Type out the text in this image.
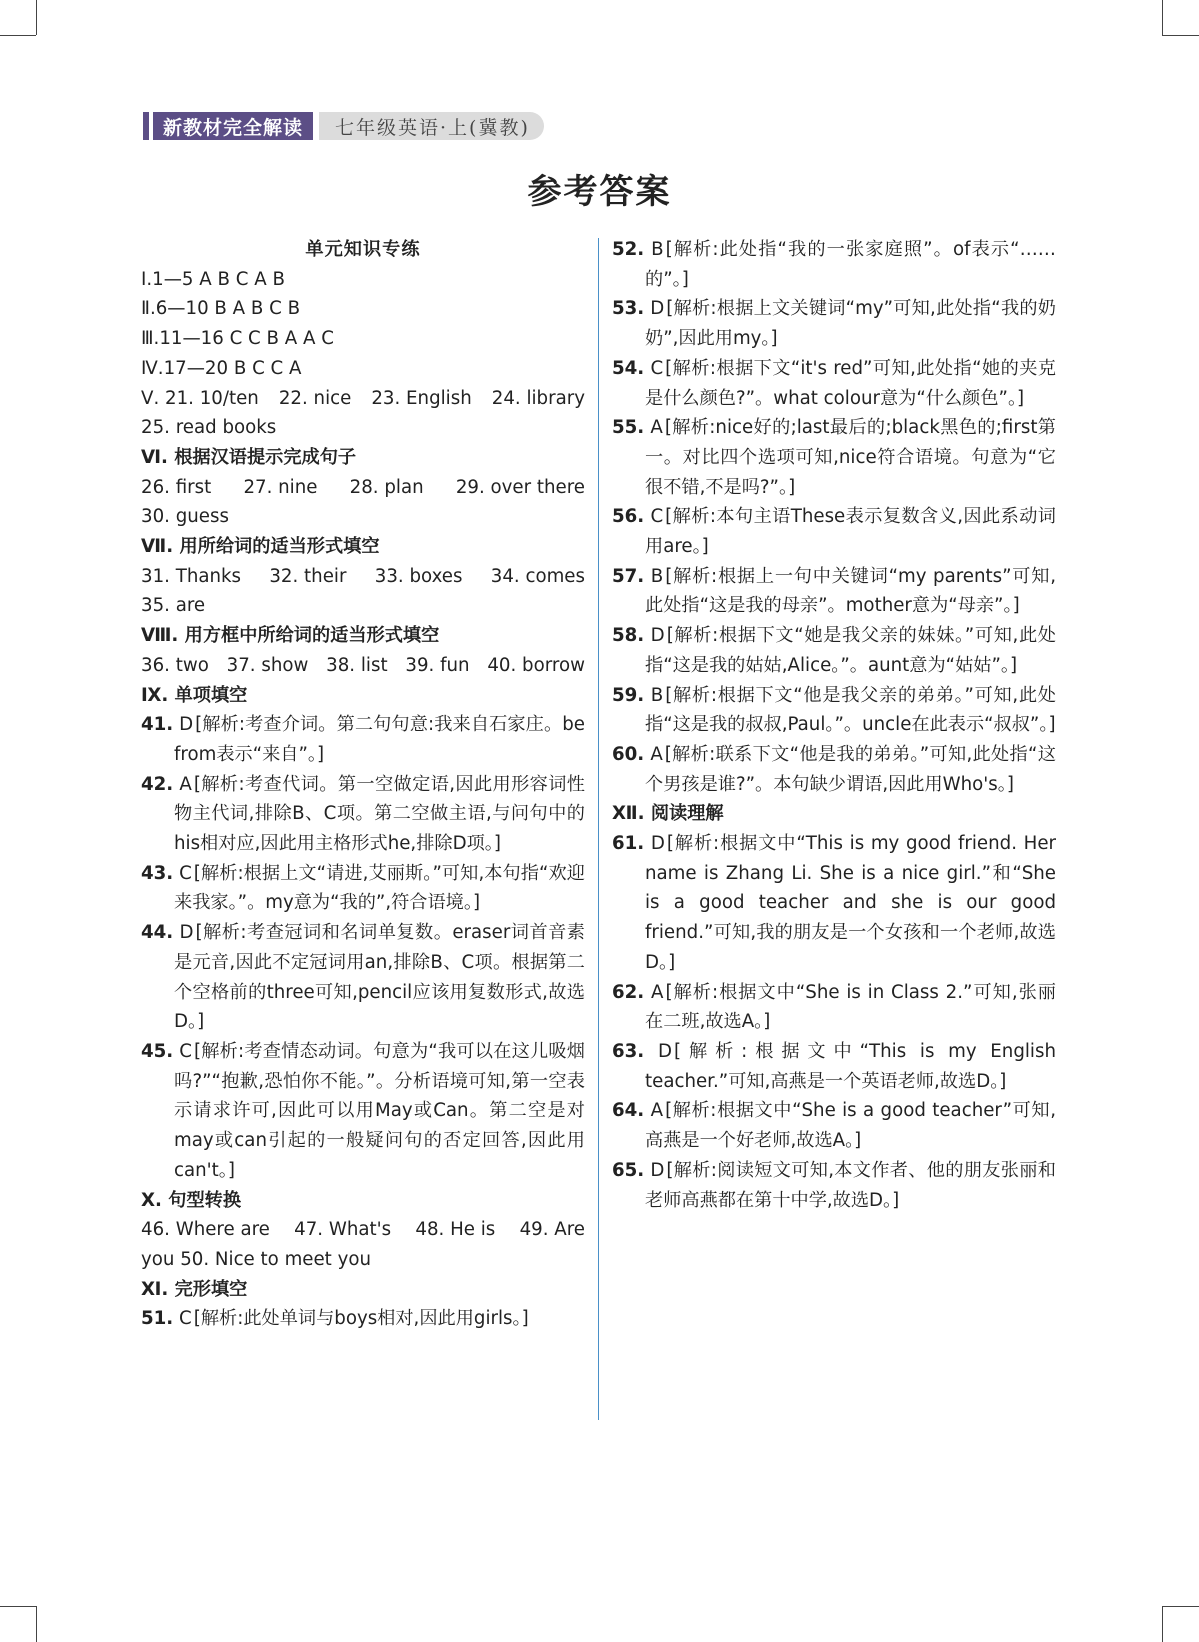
新教材完全解读	七年级英语·上(冀教)
参考答案
单元知识专练
Ⅰ.1—5 A B C A B
Ⅱ.6—10 B A B C B
Ⅲ.11—16 C C B A A C
Ⅳ.17—20 B C C A
Ⅴ. 21. 10/ten 22. nice 23. English 24. library
25. read books
Ⅵ. 根据汉语提示完成句子
26. first 27. nine 28. plan 29. over there
30. guess
Ⅶ. 用所给词的适当形式填空
31. Thanks 32. their 33. boxes 34. comes
35. are
Ⅷ. 用方框中所给词的适当形式填空
36. two 37. show 38. list 39. fun 40. borrow
Ⅸ. 单项填空
41. D [解析:考查介词。第二句句意:我来自石家庄。be from表示“来自”。]
42. A [解析:考查代词。第一空做定语,因此用形容词性物主代词,排除B、C项。第二空做主语,与问句中的his相对应,因此用主格形式he,排除D项。]
43. C [解析:根据上文“请进,艾丽斯。”可知,本句指“欢迎来我家。”。my意为“我的”,符合语境。]
44. D [解析:考查冠词和名词单复数。eraser词首音素是元音,因此不定冠词用an,排除B、C项。根据第二个空格前的three可知,pencil应该用复数形式,故选D。]
45. C [解析:考查情态动词。句意为“我可以在这儿吸烟吗?”“抱歉,恐怕你不能。”。分析语境可知,第一空表示请求许可,因此可以用May或Can。第二空是对may或can引起的一般疑问句的否定回答,因此用can't。]
Ⅹ. 句型转换
46. Where are 47. What's 48. He is 49. Are
you 50. Nice to meet you
Ⅺ. 完形填空
51. C [解析:此处单词与boys相对,因此用girls。]
52. B [解析:此处指“我的一张家庭照”。of表示“……的”。]
53. D [解析:根据上文关键词“my”可知,此处指“我的奶奶”,因此用my。]
54. C [解析:根据下文“it's red”可知,此处指“她的夹克是什么颜色?”。what colour意为“什么颜色”。]
55. A [解析:nice好的;last最后的;black黑色的;first第一。对比四个选项可知,nice符合语境。句意为“它很不错,不是吗?”。]
56. C [解析:本句主语These表示复数含义,因此系动词用are。]
57. B [解析:根据上一句中关键词“my parents”可知,此处指“这是我的母亲”。mother意为“母亲”。]
58. D [解析:根据下文“她是我父亲的妹妹。”可知,此处指“这是我的姑姑,Alice。”。aunt意为“姑姑”。]
59. B [解析:根据下文“他是我父亲的弟弟。”可知,此处指“这是我的叔叔,Paul。”。uncle在此表示“叔叔”。]
60. A [解析:联系下文“他是我的弟弟。”可知,此处指“这个男孩是谁?”。本句缺少谓语,因此用Who's。]
Ⅻ. 阅读理解
61. D [解析:根据文中“This is my good friend. Her name is Zhang Li. She is a nice girl.”和“She is a good teacher and she is our good friend.”可知,我的朋友是一个女孩和一个老师,故选D。]
62. A [解析:根据文中“She is in Class 2.”可知,张丽在二班,故选A。]
63. D [解析:根据文中“This is my English teacher.”可知,高燕是一个英语老师,故选D。]
64. A [解析:根据文中“She is a good teacher”可知,高燕是一个好老师,故选A。]
65. D [解析:阅读短文可知,本文作者、他的朋友张丽和老师高燕都在第十中学,故选D。]
